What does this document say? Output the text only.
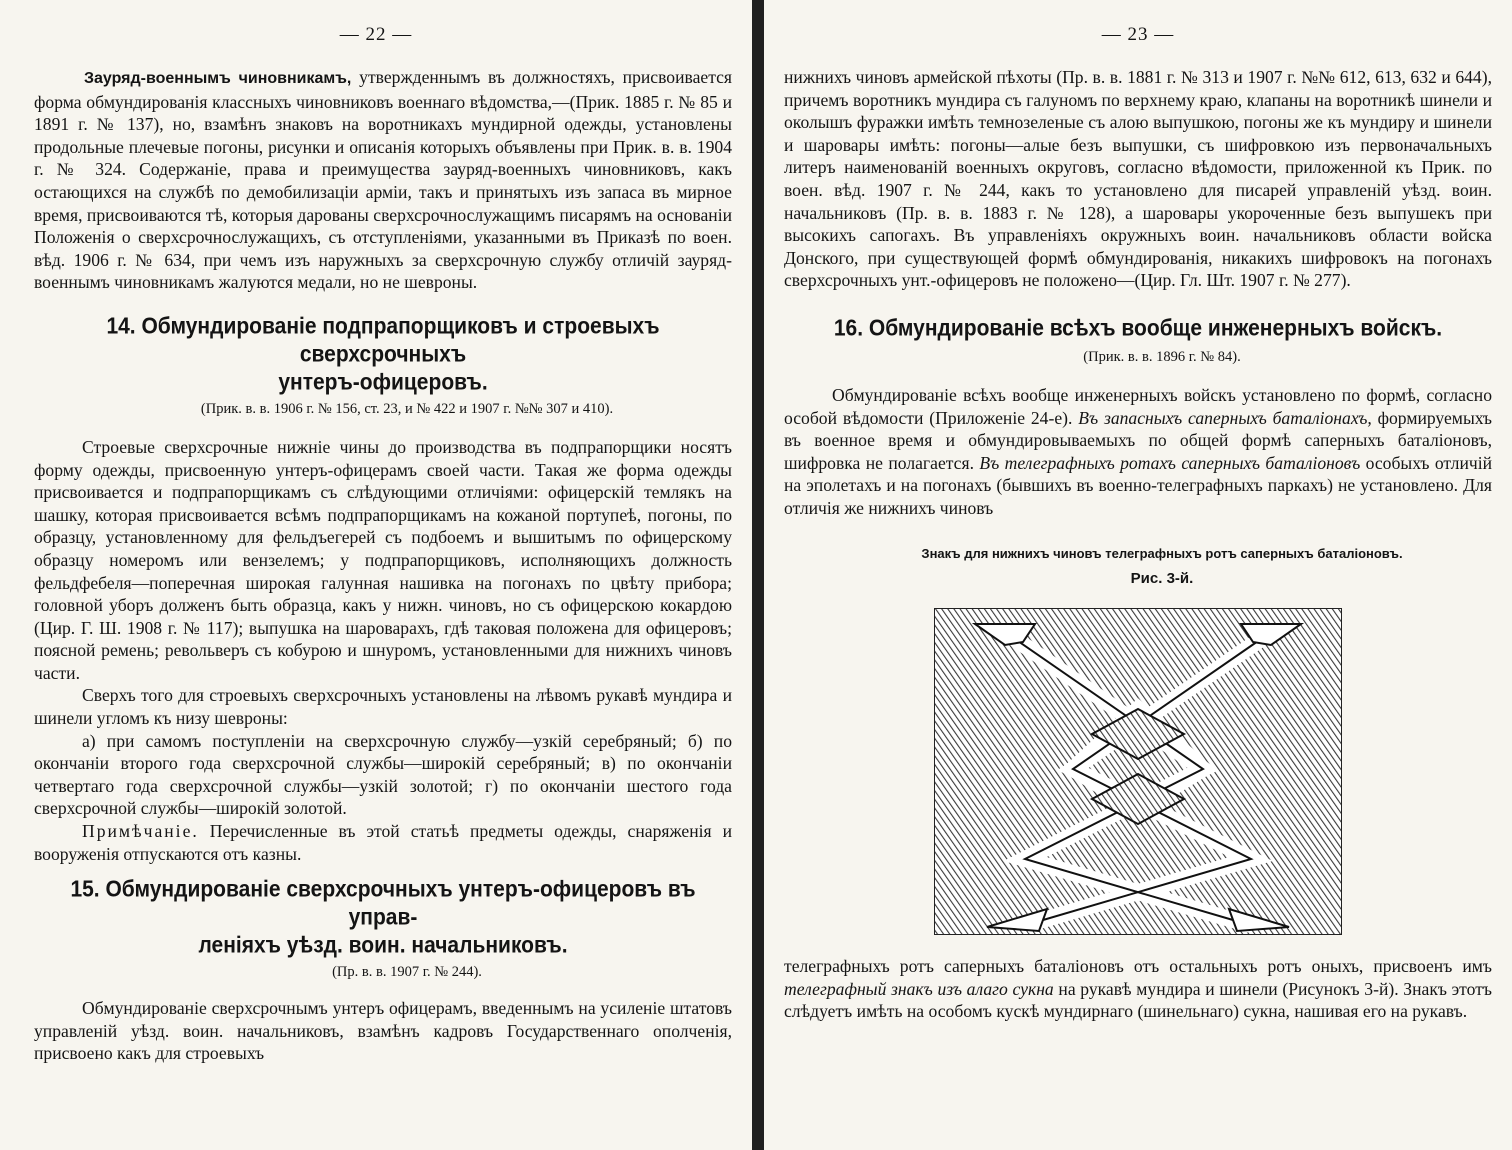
— 22 —

Зауряд-военнымъ чиновникамъ, утвержденнымъ въ должностяхъ, присвоивается форма обмундированія классныхъ чиновниковъ военнаго вѣдомства,—(Прик. 1885 г. № 85 и 1891 г. № 137), но, взамѣнъ знаковъ на воротникахъ мундирной одежды, установлены продольные плечевые погоны, рисунки и описанія которыхъ объявлены при Прик. в. в. 1904 г. № 324. Содержаніе, права и преимущества зауряд-военныхъ чиновниковъ, какъ остающихся на службѣ по демобилизаціи арміи, такъ и принятыхъ изъ запаса въ мирное время, присвоиваются тѣ, которыя дарованы сверхсрочнослужащимъ писарямъ на основаніи Положенія о сверхсрочнослужащихъ, съ отступленіями, указанными въ Приказѣ по воен. вѣд. 1906 г. № 634, при чемъ изъ наружныхъ за сверхсрочную службу отличій зауряд-военнымъ чиновникамъ жалуются медали, но не шевроны.

14. Обмундированіе подпрапорщиковъ и строевыхъ сверхсрочныхъ
унтеръ-офицеровъ.

(Прик. в. в. 1906 г. № 156, ст. 23, и № 422 и 1907 г. №№ 307 и 410).

Строевые сверхсрочные нижніе чины до производства въ подпрапорщики носятъ форму одежды, присвоенную унтеръ-офицерамъ своей части. Такая же форма одежды присвоивается и подпрапорщикамъ съ слѣдующими отличіями: офицерскій темлякъ на шашку, которая присвоивается всѣмъ подпрапорщикамъ на кожаной портупеѣ, погоны, по образцу, установленному для фельдъегерей съ подбоемъ и вышитымъ по офицерскому образцу номеромъ или вензелемъ; у подпрапорщиковъ, исполняющихъ должность фельдфебеля—поперечная широкая галунная нашивка на погонахъ по цвѣту прибора; головной уборъ долженъ быть образца, какъ у нижн. чиновъ, но съ офицерскою кокардою (Цир. Г. Ш. 1908 г. № 117); выпушка на шароварахъ, гдѣ таковая положена для офицеровъ; поясной ремень; револьверъ съ кобурою и шнуромъ, установленными для нижнихъ чиновъ части.

Сверхъ того для строевыхъ сверхсрочныхъ установлены на лѣвомъ рукавѣ мундира и шинели угломъ къ низу шевроны:

а) при самомъ поступленіи на сверхсрочную службу—узкій серебряный; б) по окончаніи второго года сверхсрочной службы—широкій серебряный; в) по окончаніи четвертаго года сверхсрочной службы—узкій золотой; г) по окончаніи шестого года сверхсрочной службы—широкій золотой.

Примѣчаніе. Перечисленные въ этой статьѣ предметы одежды, снаряженія и вооруженія отпускаются отъ казны.

15. Обмундированіе сверхсрочныхъ унтеръ-офицеровъ въ управ-
леніяхъ уѣзд. воин. начальниковъ.

(Пр. в. в. 1907 г. № 244).

Обмундированіе сверхсрочнымъ унтеръ офицерамъ, введеннымъ на усиленіе штатовъ управленій уѣзд. воин. начальниковъ, взамѣнъ кадровъ Государственнаго ополченія, присвоено какъ для строевыхъ

— 23 —

нижнихъ чиновъ армейской пѣхоты (Пр. в. в. 1881 г. № 313 и 1907 г. №№ 612, 613, 632 и 644), причемъ воротникъ мундира съ галуномъ по верхнему краю, клапаны на воротникѣ шинели и околышъ фуражки имѣть темнозеленые съ алою выпушкою, погоны же къ мундиру и шинели и шаровары имѣть: погоны—алые безъ выпушки, съ шифровкою изъ первоначальныхъ литеръ наименованій военныхъ округовъ, согласно вѣдомости, приложенной къ Прик. по воен. вѣд. 1907 г. № 244, какъ то установлено для писарей управленій уѣзд. воин. начальниковъ (Пр. в. в. 1883 г. № 128), а шаровары укороченные безъ выпушекъ при высокихъ сапогахъ. Въ управленіяхъ окружныхъ воин. начальниковъ области войска Донского, при существующей формѣ обмундированія, никакихъ шифровокъ на погонахъ сверхсрочныхъ унт.-офицеровъ не положено—(Цир. Гл. Шт. 1907 г. № 277).

16. Обмундированіе всѣхъ вообще инженерныхъ войскъ.

(Прик. в. в. 1896 г. № 84).

Обмундированіе всѣхъ вообще инженерныхъ войскъ установлено по формѣ, согласно особой вѣдомости (Приложеніе 24-е). Въ запасныхъ саперныхъ баталіонахъ, формируемыхъ въ военное время и обмундировываемыхъ по общей формѣ саперныхъ баталіоновъ, шифровка не полагается. Въ телеграфныхъ ротахъ саперныхъ баталіоновъ особыхъ отличій на эполетахъ и на погонахъ (бывшихъ въ военно-телеграфныхъ паркахъ) не установлено. Для отличія же нижнихъ чиновъ

Знакъ для нижнихъ чиновъ телеграфныхъ ротъ саперныхъ баталіоновъ.

Рис. 3-й.

телеграфныхъ ротъ саперныхъ баталіоновъ отъ остальныхъ ротъ оныхъ, присвоенъ имъ телеграфный знакъ изъ алаго сукна на рукавѣ мундира и шинели (Рисунокъ 3-й). Знакъ этотъ слѣдуетъ имѣть на особомъ кускѣ мундирнаго (шинельнаго) сукна, нашивая его на рукавъ.
